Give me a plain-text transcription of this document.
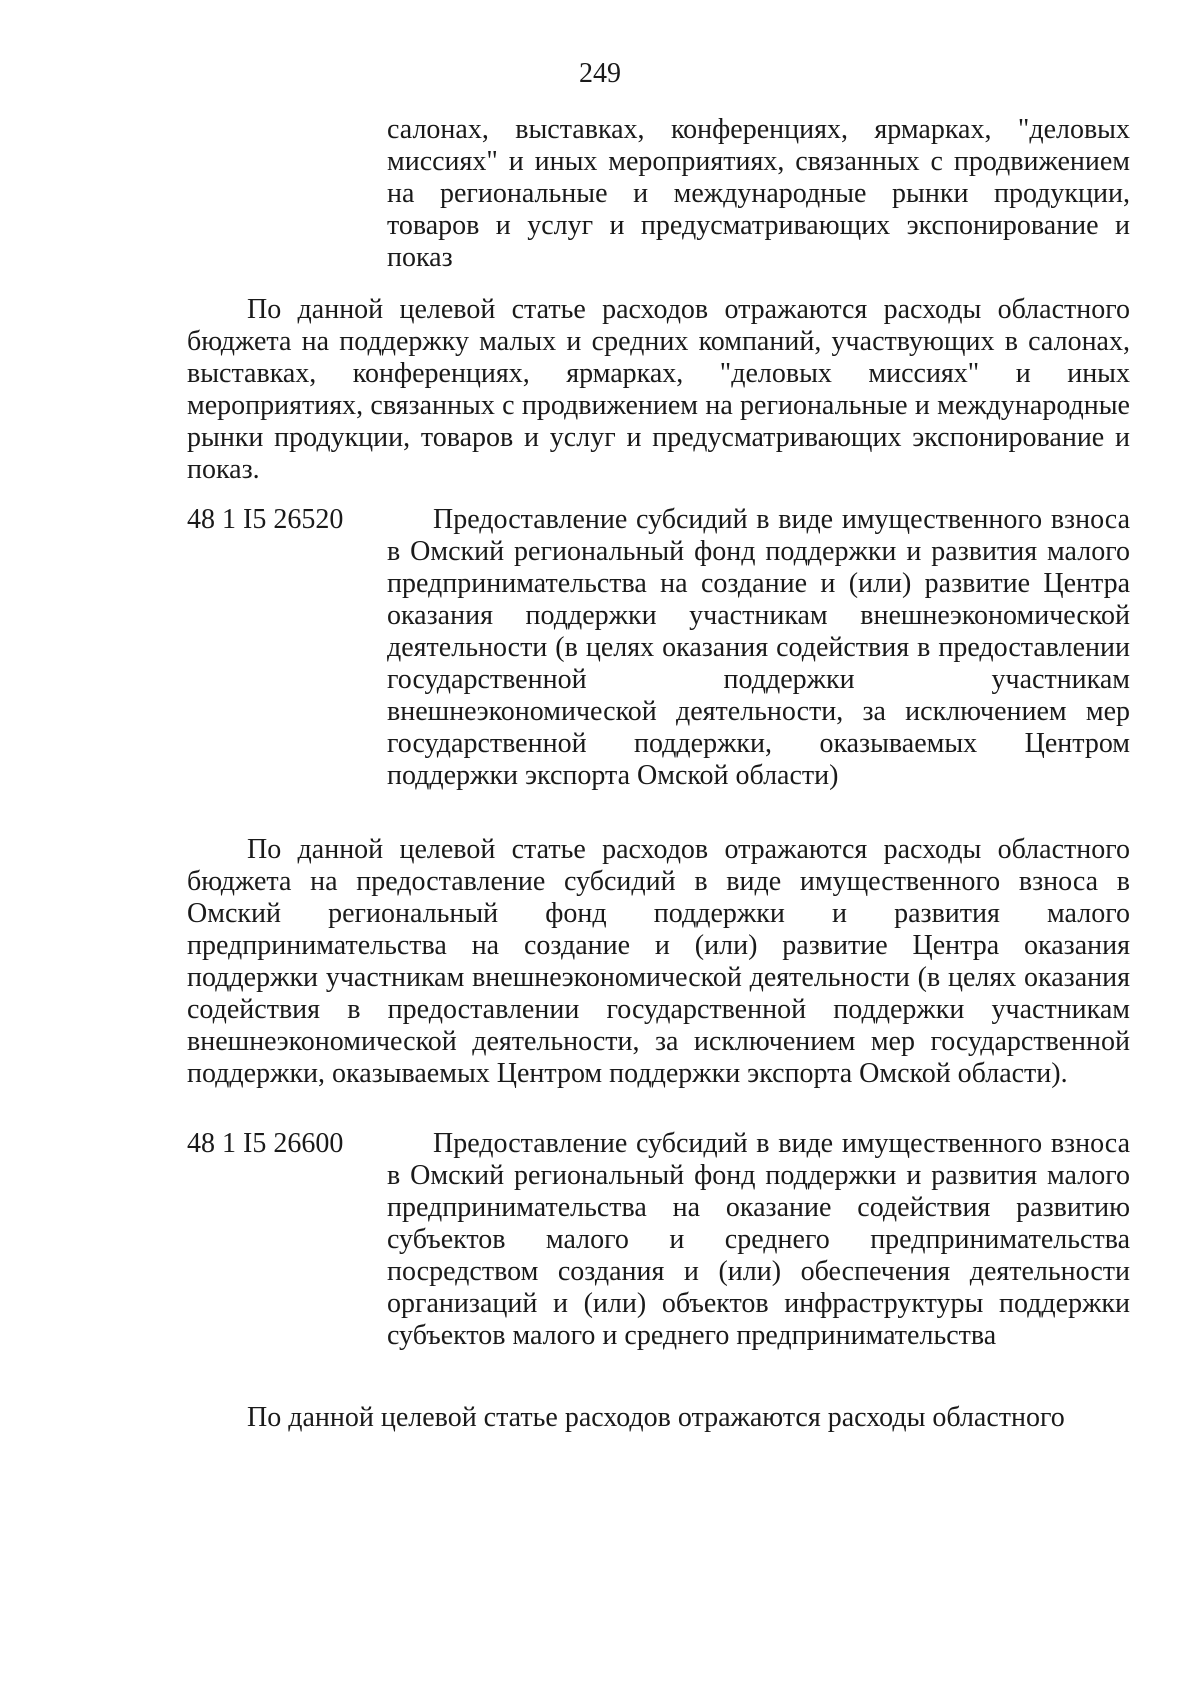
249
салонах, выставках, конференциях, ярмарках, "деловых миссиях" и иных мероприятиях, связанных с продвижением на региональные и международные рынки продукции, товаров и услуг и предусматривающих экспонирование и показ
По данной целевой статье расходов отражаются расходы областного бюджета на поддержку малых и средних компаний, участвующих в салонах, выставках, конференциях, ярмарках, "деловых миссиях" и иных мероприятиях, связанных с продвижением на региональные и международные рынки продукции, товаров и услуг и предусматривающих экспонирование и показ.
48 1 I5 26520	Предоставление субсидий в виде имущественного взноса в Омский региональный фонд поддержки и развития малого предпринимательства на создание и (или) развитие Центра оказания поддержки участникам внешнеэкономической деятельности (в целях оказания содействия в предоставлении государственной поддержки участникам внешнеэкономической деятельности, за исключением мер государственной поддержки, оказываемых Центром поддержки экспорта Омской области)
По данной целевой статье расходов отражаются расходы областного бюджета на предоставление субсидий в виде имущественного взноса в Омский региональный фонд поддержки и развития малого предпринимательства на создание и (или) развитие Центра оказания поддержки участникам внешнеэкономической деятельности (в целях оказания содействия в предоставлении государственной поддержки участникам внешнеэкономической деятельности, за исключением мер государственной поддержки, оказываемых Центром поддержки экспорта Омской области).
48 1 I5 26600	Предоставление субсидий в виде имущественного взноса в Омский региональный фонд поддержки и развития малого предпринимательства на оказание содействия развитию субъектов малого и среднего предпринимательства посредством создания и (или) обеспечения деятельности организаций и (или) объектов инфраструктуры поддержки субъектов малого и среднего предпринимательства
По данной целевой статье расходов отражаются расходы областного
